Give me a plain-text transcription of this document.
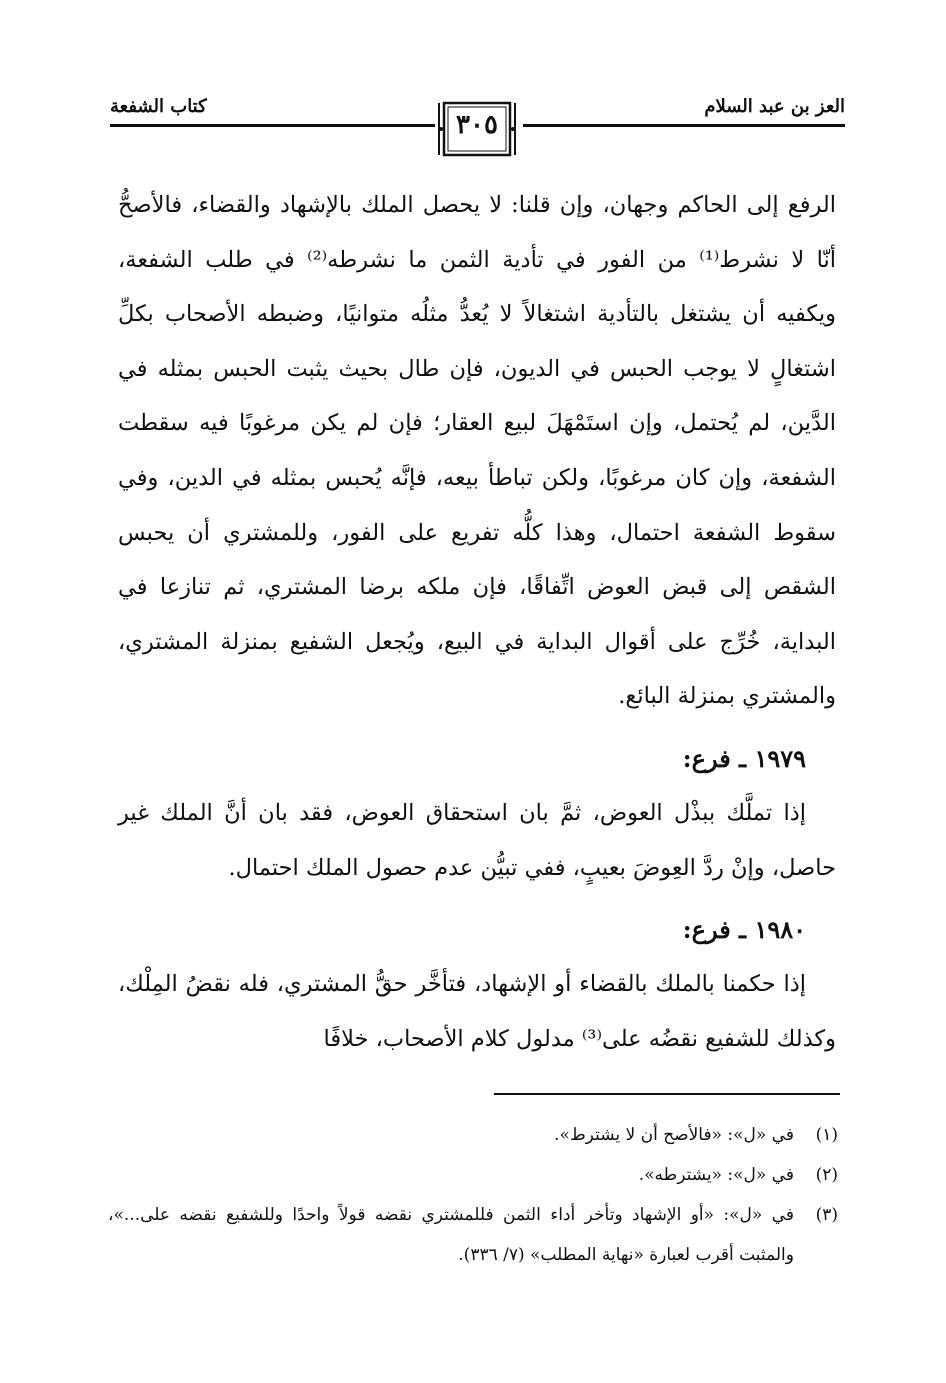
العز بن عبد السلام
٣٠٥
كتاب الشفعة

الرفع إلى الحاكم وجهان، وإن قلنا: لا يحصل الملك بالإشهاد والقضاء، فالأصحُّ أنّا لا نشرط⁽¹⁾ من الفور في تأدية الثمن ما نشرطه⁽²⁾ في طلب الشفعة، ويكفيه أن يشتغل بالتأدية اشتغالاً لا يُعدُّ مثلُه متوانيًا، وضبطه الأصحاب بكلِّ اشتغالٍ لا يوجب الحبس في الديون، فإن طال بحيث يثبت الحبس بمثله في الدَّين، لم يُحتمل، وإن استَمْهَلَ لبيع العقار؛ فإن لم يكن مرغوبًا فيه سقطت الشفعة، وإن كان مرغوبًا، ولكن تباطأ بيعه، فإنَّه يُحبس بمثله في الدين، وفي سقوط الشفعة احتمال، وهذا كلُّه تفريع على الفور، وللمشتري أن يحبس الشقص إلى قبض العوض اتِّفاقًا، فإن ملكه برضا المشتري، ثم تنازعا في البداية، خُرِّج على أقوال البداية في البيع، ويُجعل الشفيع بمنزلة المشتري، والمشتري بمنزلة البائع.

١٩٧٩ ـ فرع:

إذا تملَّك ببذْل العوض، ثمَّ بان استحقاق العوض، فقد بان أنَّ الملك غير حاصل، وإنْ ردَّ العِوضَ بعيبٍ، ففي تبيُّن عدم حصول الملك احتمال.

١٩٨٠ ـ فرع:

إذا حكمنا بالملك بالقضاء أو الإشهاد، فتأخَّر حقُّ المشتري، فله نقضُ المِلْك، وكذلك للشفيع نقضُه على⁽³⁾ مدلول كلام الأصحاب، خلافًا

(١)
في «ل»: «فالأصح أن لا يشترط».
(٢)
في «ل»: «يشترطه».
(٣)
في «ل»: «أو الإشهاد وتأخر أداء الثمن فللمشتري نقضه قولاً واحدًا وللشفيع نقضه على...»، والمثبت أقرب لعبارة «نهاية المطلب» (٧/ ٣٣٦).
